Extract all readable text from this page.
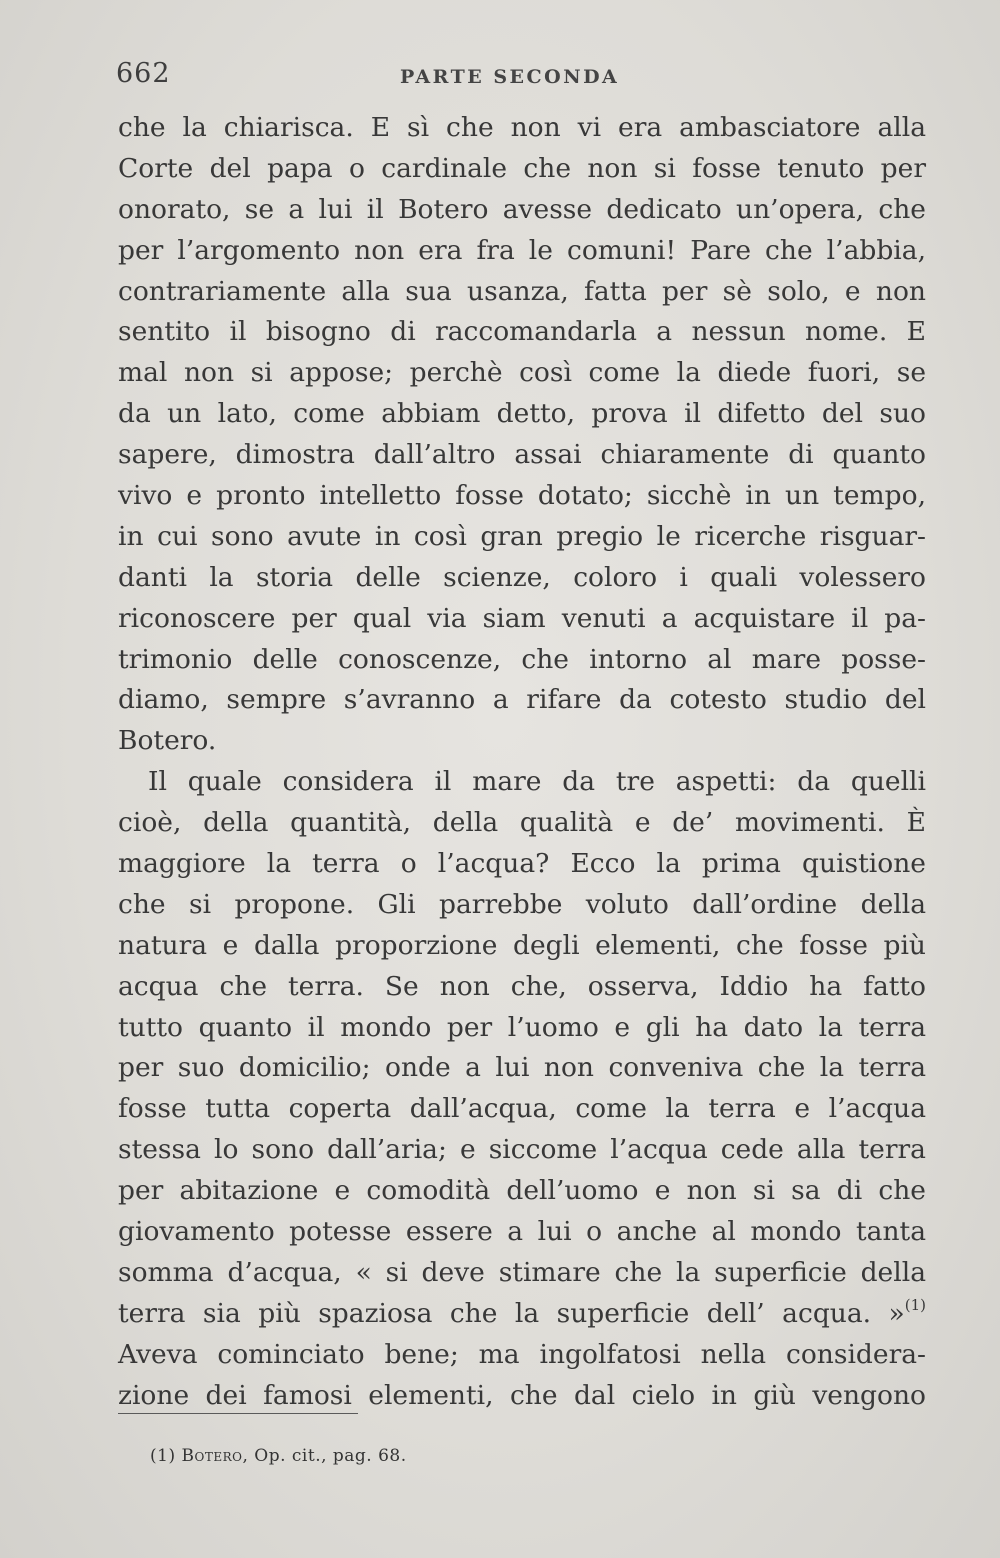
662	PARTE SECONDA
che la chiarisca. E sì che non vi era ambasciatore alla
Corte del papa o cardinale che non si fosse tenuto per
onorato, se a lui il Botero avesse dedicato un’opera, che
per l’argomento non era fra le comuni! Pare che l’abbia,
contrariamente alla sua usanza, fatta per sè solo, e non
sentito il bisogno di raccomandarla a nessun nome. E
mal non si appose; perchè così come la diede fuori, se
da un lato, come abbiam detto, prova il difetto del suo
sapere, dimostra dall’altro assai chiaramente di quanto
vivo e pronto intelletto fosse dotato; sicchè in un tempo,
in cui sono avute in così gran pregio le ricerche risguar-
danti la storia delle scienze, coloro i quali volessero
riconoscere per qual via siam venuti a acquistare il pa-
trimonio delle conoscenze, che intorno al mare posse-
diamo, sempre s’avranno a rifare da cotesto studio del
Botero.
Il quale considera il mare da tre aspetti: da quelli
cioè, della quantità, della qualità e de’ movimenti. È
maggiore la terra o l’acqua? Ecco la prima quistione
che si propone. Gli parrebbe voluto dall’ordine della
natura e dalla proporzione degli elementi, che fosse più
acqua che terra. Se non che, osserva, Iddio ha fatto
tutto quanto il mondo per l’uomo e gli ha dato la terra
per suo domicilio; onde a lui non conveniva che la terra
fosse tutta coperta dall’acqua, come la terra e l’acqua
stessa lo sono dall’aria; e siccome l’acqua cede alla terra
per abitazione e comodità dell’uomo e non si sa di che
giovamento potesse essere a lui o anche al mondo tanta
somma d’acqua, « si deve stimare che la superficie della
terra sia più spaziosa che la superficie dell’ acqua. »$^{(1)}$
Aveva cominciato bene; ma ingolfatosi nella considera-
zione dei famosi elementi, che dal cielo in giù vengono
(1) Botero, Op. cit., pag. 68.
